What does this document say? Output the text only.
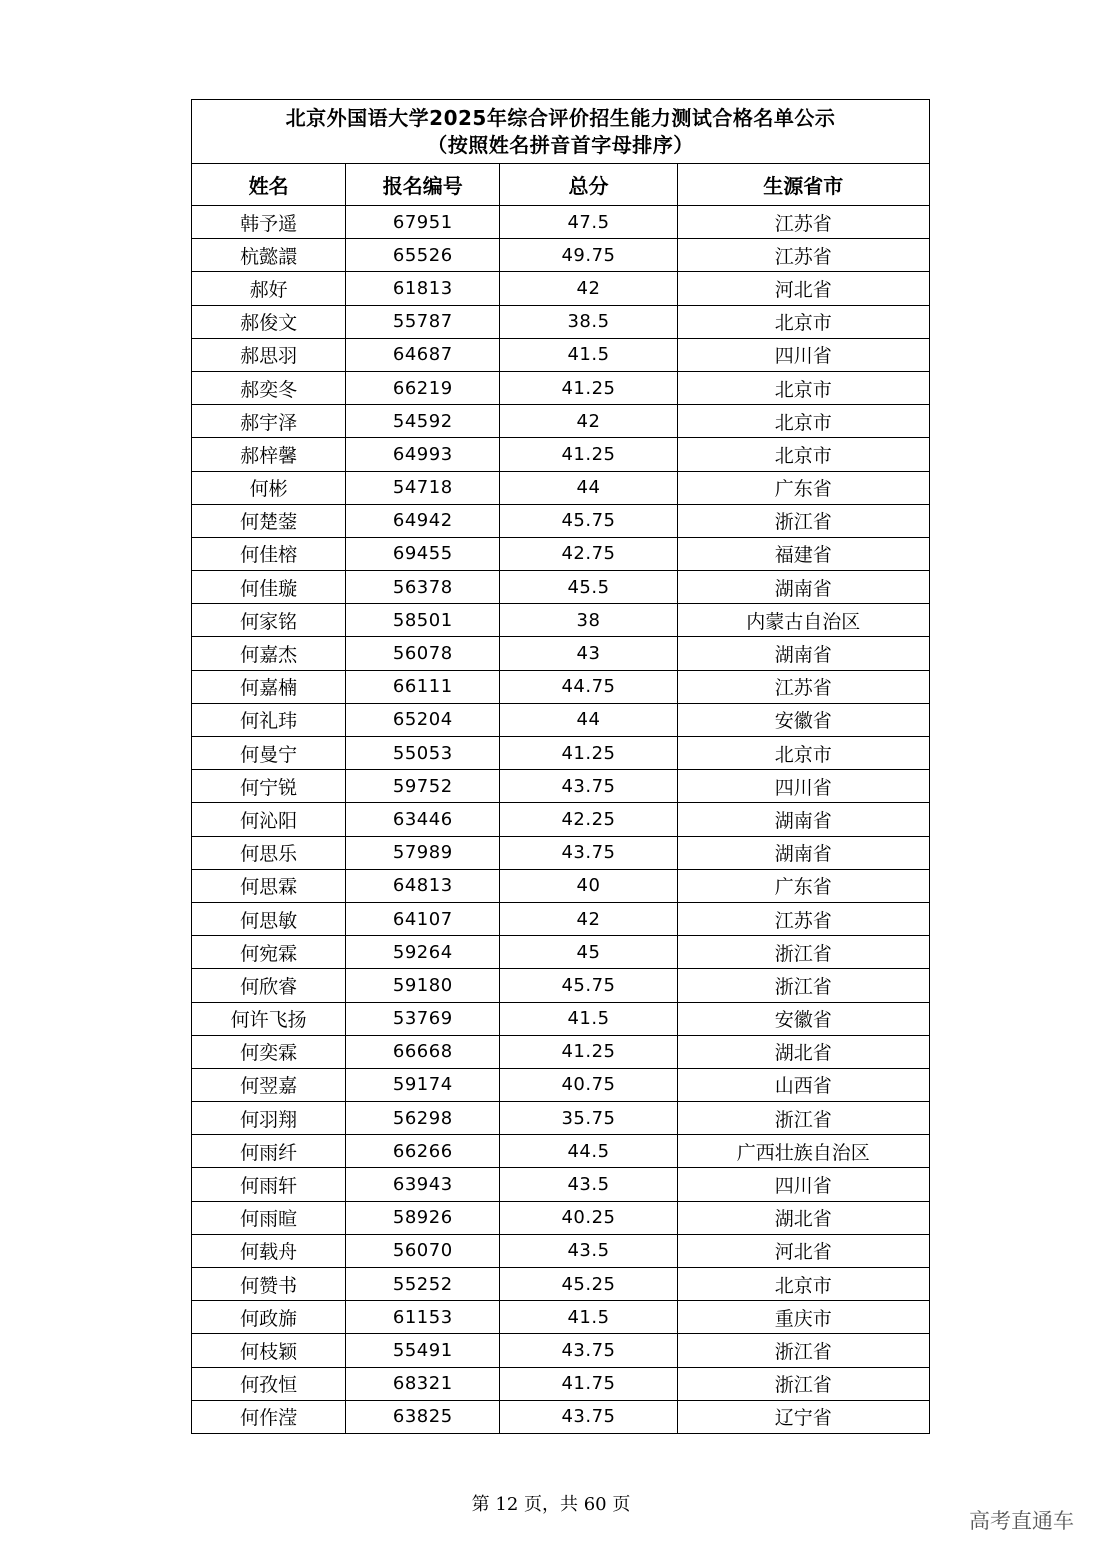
北京外国语大学2025年综合评价招生能力测试合格名单公示
（按照姓名拼音首字母排序）			

姓名	报名编号	总分	生源省市
韩予遥	67951	47.5	江苏省
杭懿譞	65526	49.75	江苏省
郝好	61813	42	河北省
郝俊文	55787	38.5	北京市
郝思羽	64687	41.5	四川省
郝奕冬	66219	41.25	北京市
郝宇泽	54592	42	北京市
郝梓馨	64993	41.25	北京市
何彬	54718	44	广东省
何楚蓥	64942	45.75	浙江省
何佳榕	69455	42.75	福建省
何佳璇	56378	45.5	湖南省
何家铭	58501	38	内蒙古自治区
何嘉杰	56078	43	湖南省
何嘉楠	66111	44.75	江苏省
何礼玮	65204	44	安徽省
何曼宁	55053	41.25	北京市
何宁锐	59752	43.75	四川省
何沁阳	63446	42.25	湖南省
何思乐	57989	43.75	湖南省
何思霖	64813	40	广东省
何思敏	64107	42	江苏省
何宛霖	59264	45	浙江省
何欣睿	59180	45.75	浙江省
何许飞扬	53769	41.5	安徽省
何奕霖	66668	41.25	湖北省
何翌嘉	59174	40.75	山西省
何羽翔	56298	35.75	浙江省
何雨纤	66266	44.5	广西壮族自治区
何雨轩	63943	43.5	四川省
何雨暄	58926	40.25	湖北省
何载舟	56070	43.5	河北省
何赞书	55252	45.25	北京市
何政旆	61153	41.5	重庆市
何枝颖	55491	43.75	浙江省
何孜恒	68321	41.75	浙江省
何作滢	63825	43.75	辽宁省
第 12 页，共 60 页
高考直通车
